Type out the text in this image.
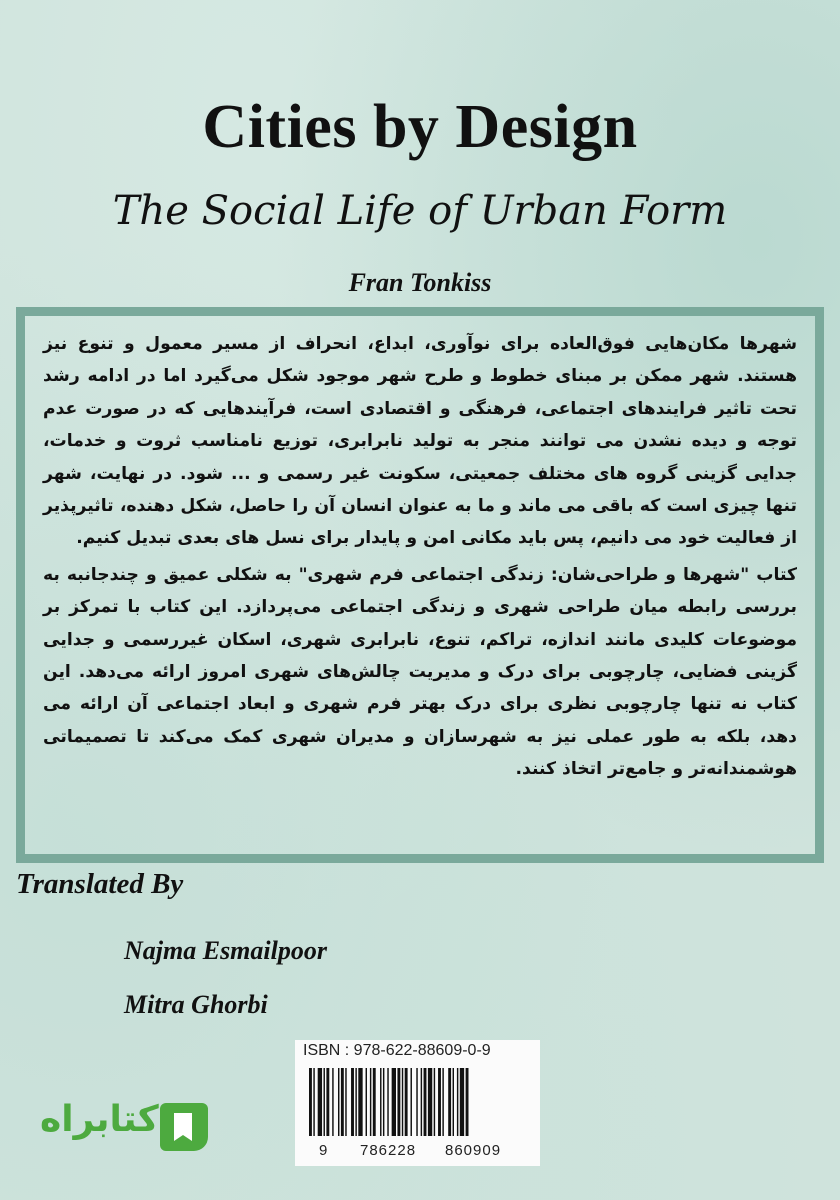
Cities by Design
The Social Life of Urban Form
Fran Tonkiss

شهرها مکان‌هایی فوق‌العاده برای نوآوری، ابداع، انحراف از مسیر معمول و تنوع نیز هستند. شهر ممکن بر مبنای خطوط و طرح شهر موجود شکل می‌گیرد اما در ادامه رشد تحت تاثیر فرایندهای اجتماعی، فرهنگی و اقتصادی است، فرآیندهایی که در صورت عدم توجه و دیده نشدن می توانند منجر به تولید نابرابری، توزیع نامناسب ثروت و خدمات، جدایی گزینی گروه های مختلف جمعیتی، سکونت غیر رسمی و ... شود. در نهایت، شهر تنها چیزی است که باقی می ماند و ما به عنوان انسان آن را حاصل، شکل دهنده، تاثیرپذیر از فعالیت خود می دانیم، پس باید مکانی امن و پایدار برای نسل های بعدی تبدیل کنیم.

کتاب "شهرها و طراحی‌شان: زندگی اجتماعی فرم شهری" به شکلی عمیق و چندجانبه به بررسی رابطه میان طراحی شهری و زندگی اجتماعی می‌پردازد. این کتاب با تمرکز بر موضوعات کلیدی مانند اندازه، تراکم، تنوع، نابرابری شهری، اسکان غیررسمی و جدایی گزینی فضایی، چارچوبی برای درک و مدیریت چالش‌های شهری امروز ارائه می‌دهد. این کتاب نه تنها چارچوبی نظری برای درک بهتر فرم شهری و ابعاد اجتماعی آن ارائه می دهد، بلکه به طور عملی نیز به شهرسازان و مدیران شهری کمک می‌کند تا تصمیماتی هوشمندانه‌تر و جامع‌تر اتخاذ کنند.

Translated By
Najma Esmailpoor
Mitra Ghorbi
ISBN : 978-622-88609-0-9
9 786228 860909
کتابراه
